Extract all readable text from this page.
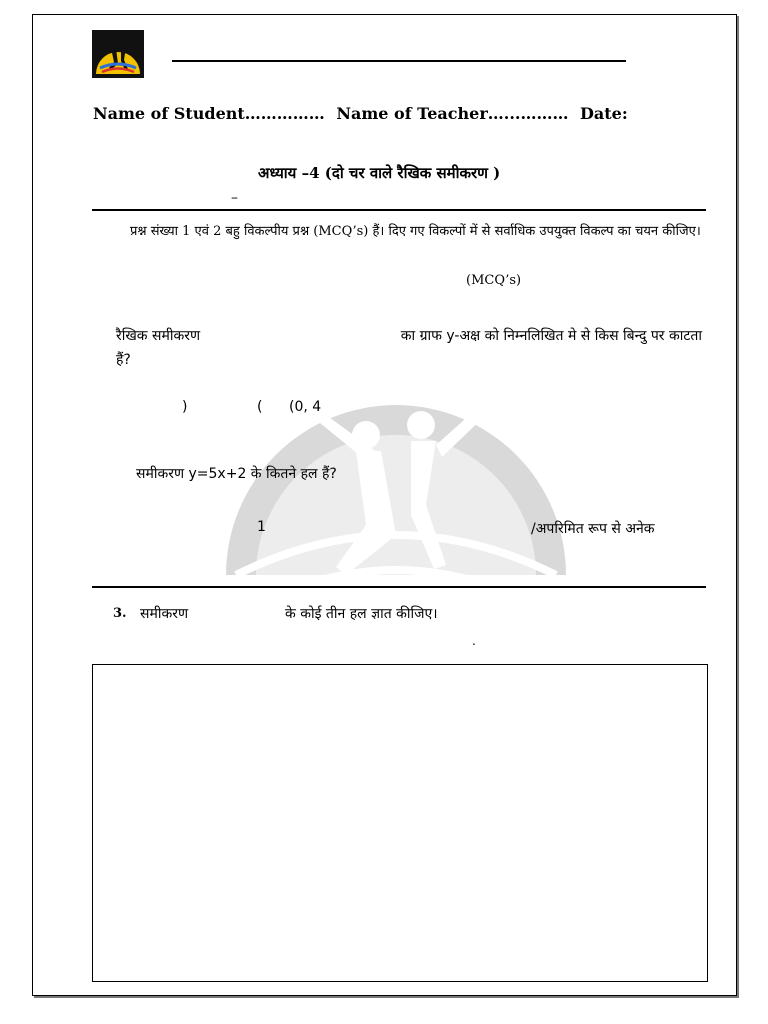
Name of Student…………… Name of Teacher…...……… Date:
अध्याय –4 (दो चर वाले रैखिक समीकरण )
–
प्रश्न संख्या 1 एवं 2 बहु विकल्पीय प्रश्न (MCQ’s) हैं। दिए गए विकल्पों में से सर्वाधिक उपयुक्त विकल्प का चयन कीजिए।
(MCQ’s)
रैखिक समीकरण	का ग्राफ y-अक्ष को निम्नलिखित मे से किस बिन्दु पर काटता
हैं?
)	( (0, 4
समीकरण y=5x+2 के कितने हल हैं?
1	/अपरिमित रूप से अनेक
3. समीकरण	के कोई तीन हल ज्ञात कीजिए।
.
